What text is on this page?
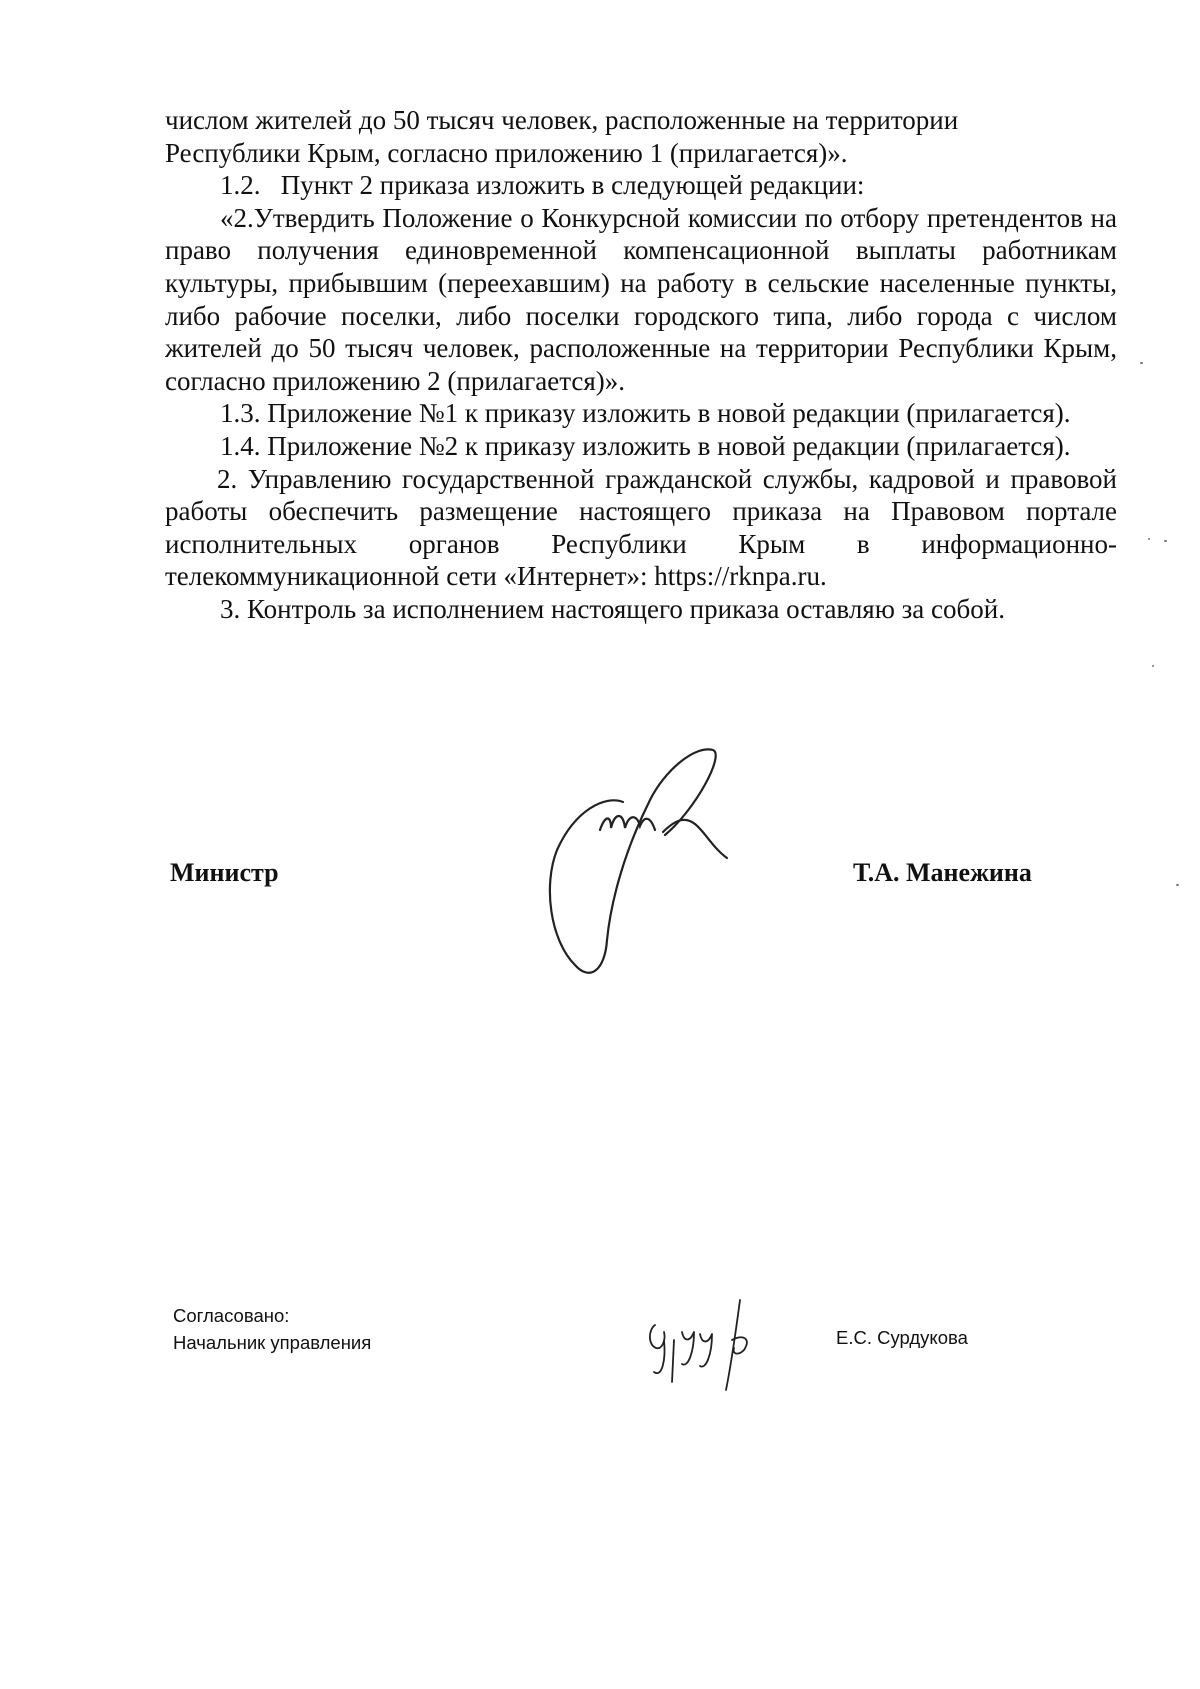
числом жителей до 50 тысяч человек, расположенные на территории
Республики Крым, согласно приложению 1 (прилагается)».

1.2.   Пункт 2 приказа изложить в следующей редакции:

«2.Утвердить Положение о Конкурсной комиссии по отбору претендентов на право получения единовременной компенсационной выплаты работникам культуры, прибывшим (переехавшим) на работу в сельские населенные пункты, либо рабочие поселки, либо поселки городского типа, либо города с числом жителей до 50 тысяч человек, расположенные на территории Республики Крым, согласно приложению 2 (прилагается)».

1.3. Приложение №1 к приказу изложить в новой редакции (прилагается).

1.4. Приложение №2 к приказу изложить в новой редакции (прилагается).

2. Управлению государственной гражданской службы, кадровой и правовой работы обеспечить размещение настоящего приказа на Правовом портале исполнительных органов Республики Крым в информационно-телекоммуникационной сети «Интернет»: https://rknpa.ru.

3. Контроль за исполнением настоящего приказа оставляю за собой.

Министр	Т.А. Манежина
Согласовано:
Начальник управления	Е.С. Сурдукова
